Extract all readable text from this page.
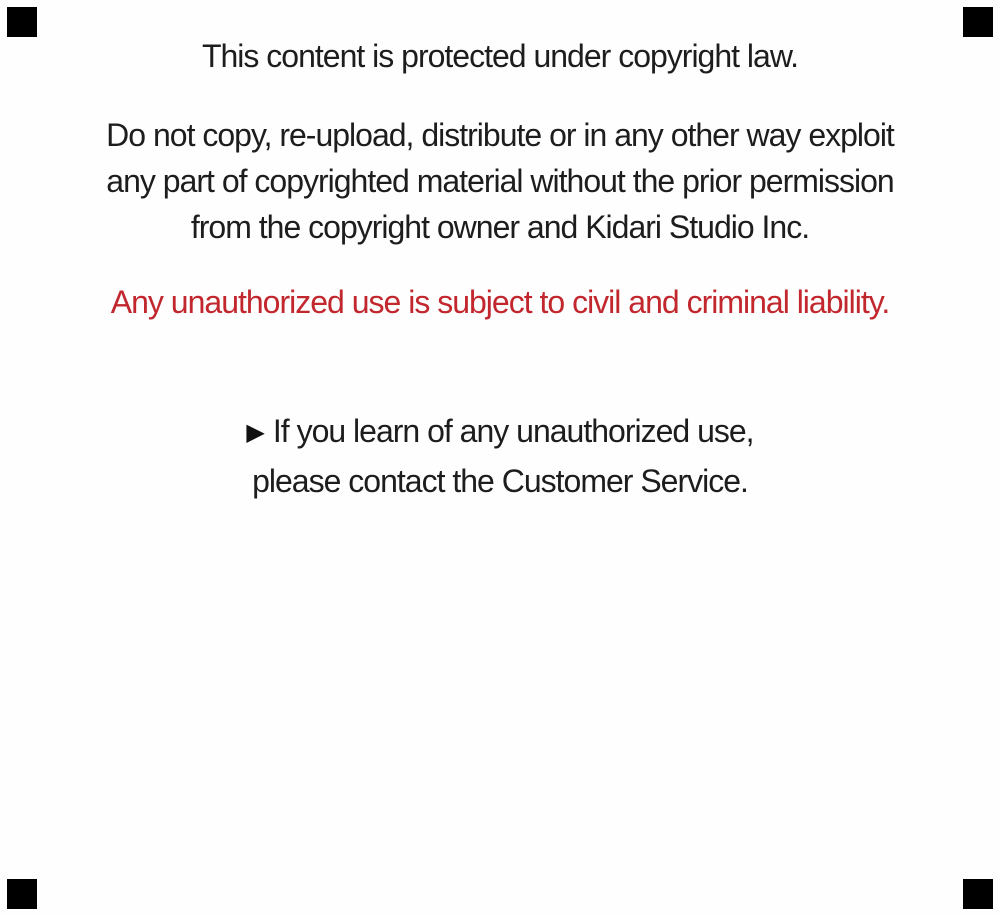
This content is protected under copyright law.

Do not copy, re-upload, distribute or in any other way exploit
any part of copyrighted material without the prior permission
from the copyright owner and Kidari Studio Inc.

Any unauthorized use is subject to civil and criminal liability.

▶ If you learn of any unauthorized use,
please contact the Customer Service.
